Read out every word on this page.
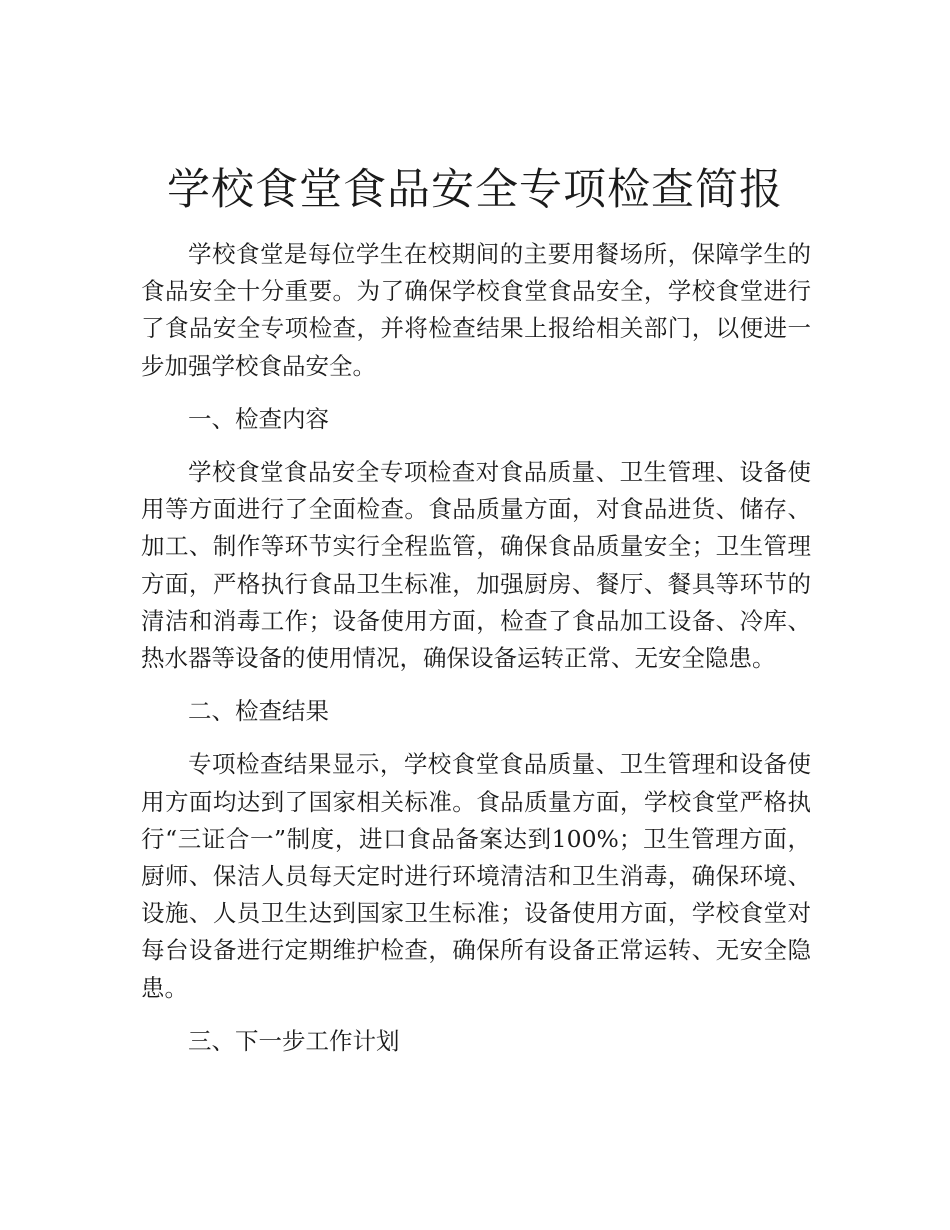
学校食堂食品安全专项检查简报

学校食堂是每位学生在校期间的主要用餐场所，保障学生的食品安全十分重要。为了确保学校食堂食品安全，学校食堂进行了食品安全专项检查，并将检查结果上报给相关部门，以便进一步加强学校食品安全。

一、检查内容

学校食堂食品安全专项检查对食品质量、卫生管理、设备使用等方面进行了全面检查。食品质量方面，对食品进货、储存、加工、制作等环节实行全程监管，确保食品质量安全；卫生管理方面，严格执行食品卫生标准，加强厨房、餐厅、餐具等环节的清洁和消毒工作；设备使用方面，检查了食品加工设备、冷库、热水器等设备的使用情况，确保设备运转正常、无安全隐患。

二、检查结果

专项检查结果显示，学校食堂食品质量、卫生管理和设备使用方面均达到了国家相关标准。食品质量方面，学校食堂严格执行“三证合一”制度，进口食品备案达到100%；卫生管理方面，厨师、保洁人员每天定时进行环境清洁和卫生消毒，确保环境、设施、人员卫生达到国家卫生标准；设备使用方面，学校食堂对每台设备进行定期维护检查，确保所有设备正常运转、无安全隐患。

三、下一步工作计划
